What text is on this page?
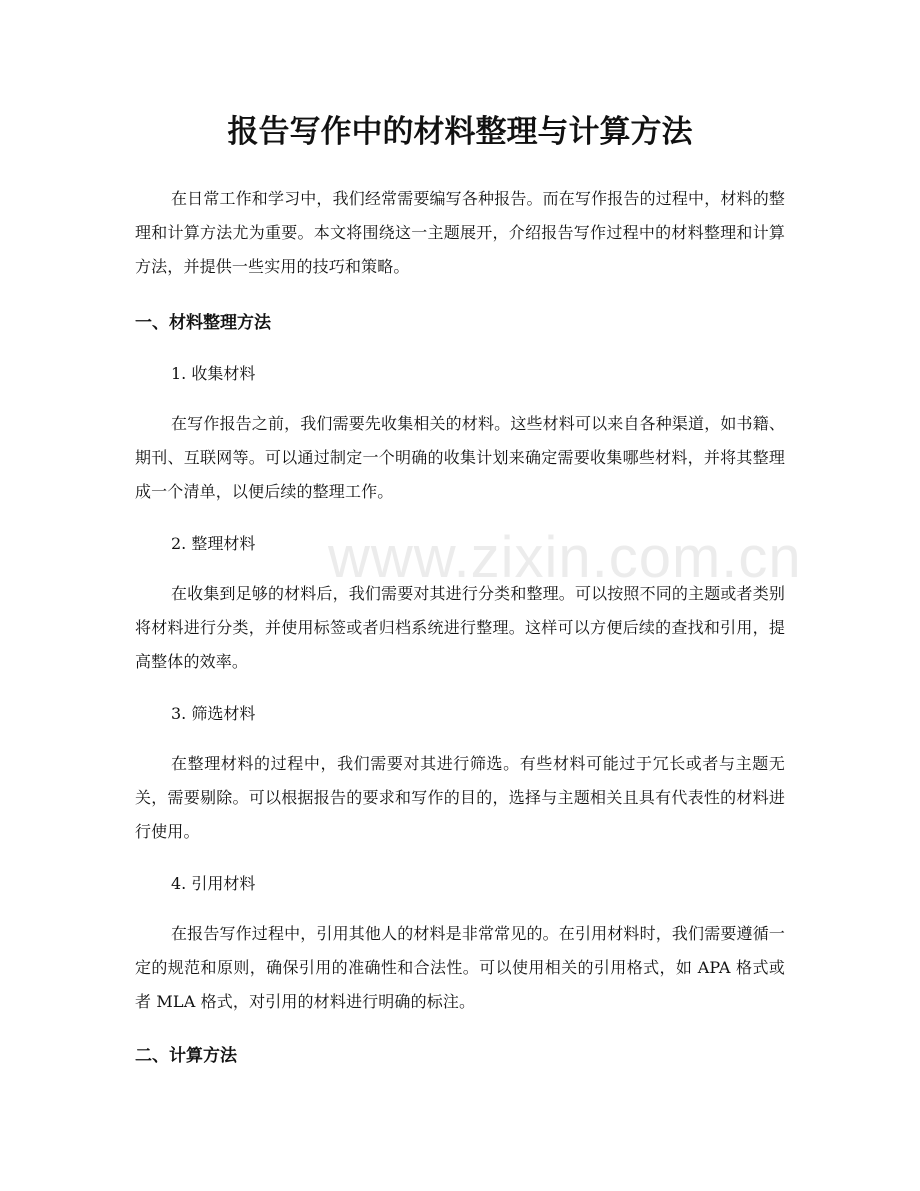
www.zixin.com.cn
报告写作中的材料整理与计算方法

在日常工作和学习中，我们经常需要编写各种报告。而在写作报告的过程中，材料的整理和计算方法尤为重要。本文将围绕这一主题展开，介绍报告写作过程中的材料整理和计算方法，并提供一些实用的技巧和策略。

一、材料整理方法

1. 收集材料

在写作报告之前，我们需要先收集相关的材料。这些材料可以来自各种渠道，如书籍、期刊、互联网等。可以通过制定一个明确的收集计划来确定需要收集哪些材料，并将其整理成一个清单，以便后续的整理工作。

2. 整理材料

在收集到足够的材料后，我们需要对其进行分类和整理。可以按照不同的主题或者类别将材料进行分类，并使用标签或者归档系统进行整理。这样可以方便后续的查找和引用，提高整体的效率。

3. 筛选材料

在整理材料的过程中，我们需要对其进行筛选。有些材料可能过于冗长或者与主题无关，需要剔除。可以根据报告的要求和写作的目的，选择与主题相关且具有代表性的材料进行使用。

4. 引用材料

在报告写作过程中，引用其他人的材料是非常常见的。在引用材料时，我们需要遵循一定的规范和原则，确保引用的准确性和合法性。可以使用相关的引用格式，如 APA 格式或者 MLA 格式，对引用的材料进行明确的标注。

二、计算方法
